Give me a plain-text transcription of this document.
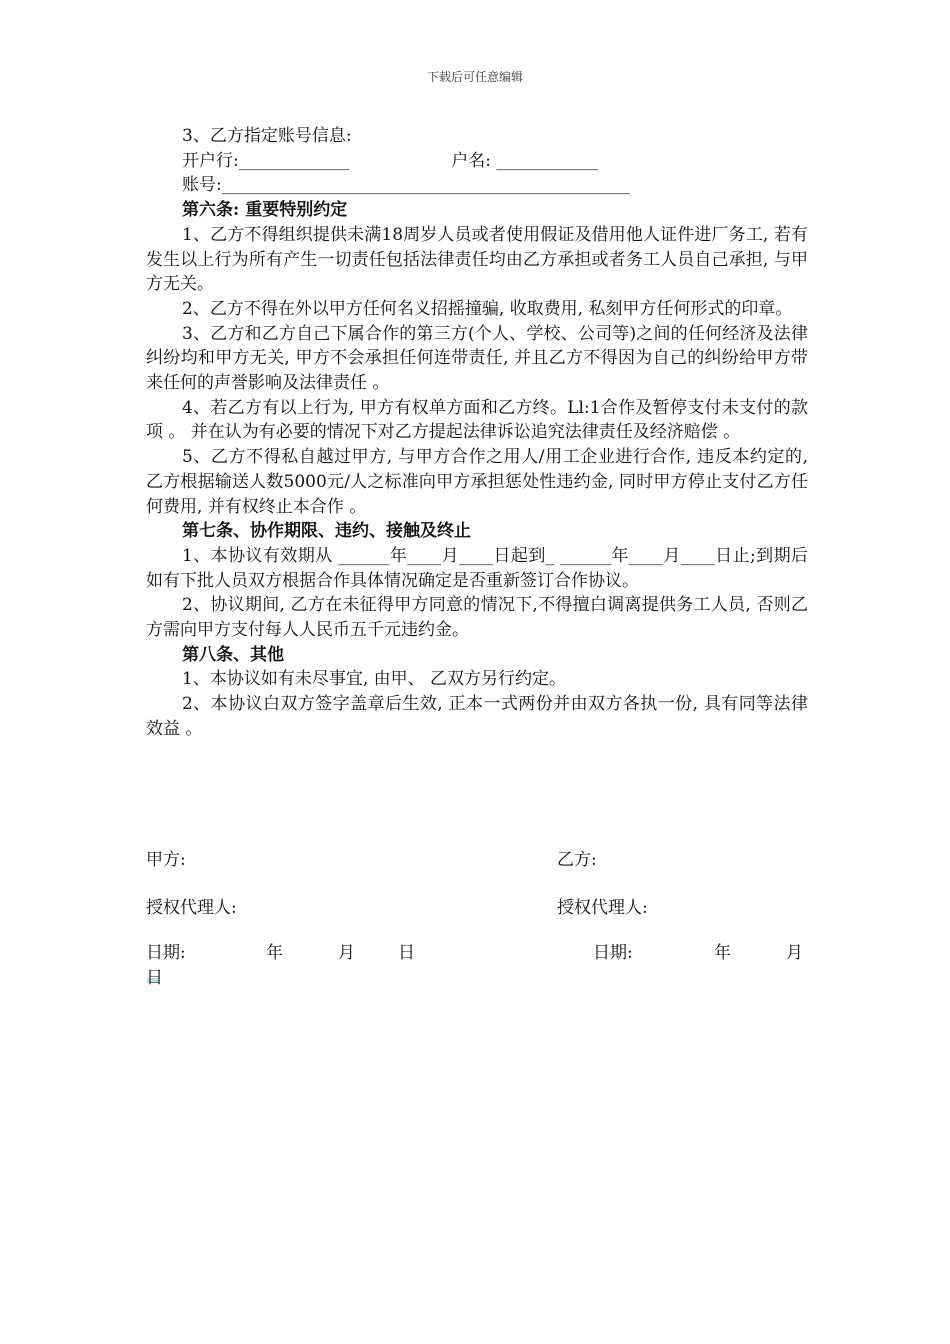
下载后可任意编辑
3、乙方指定账号信息:
开户行:_____________	户名: ____________
账号:________________________________________________
第六条: 重要特别约定
1、乙方不得组织提供未满18周岁人员或者使用假证及借用他人证件进厂务工, 若有发生以上行为所有产生一切责任包括法律责任均由乙方承担或者务工人员自己承担, 与甲方无关。
2、乙方不得在外以甲方任何名义招摇撞骗, 收取费用, 私刻甲方任何形式的印章。
3、乙方和乙方自己下属合作的第三方(个人、学校、公司等)之间的任何经济及法律纠纷均和甲方无关, 甲方不会承担任何连带责任, 并且乙方不得因为自己的纠纷给甲方带来任何的声誉影响及法律责任 。
4、若乙方有以上行为, 甲方有权单方面和乙方终。Ll:1合作及暂停支付未支付的款项 。 并在认为有必要的情况下对乙方提起法律诉讼追究法律责任及经济赔偿 。
5、乙方不得私自越过甲方, 与甲方合作之用人/用工企业进行合作, 违反本约定的, 乙方根据输送人数5000元/人之标准向甲方承担惩处性违约金, 同时甲方停止支付乙方任何费用, 并有权终止本合作 。
第七条、协作期限、违约、接触及终止
1、本协议有效期从 ______年____月____日起到_ ______年____月____日止;到期后如有下批人员双方根据合作具体情况确定是否重新签订合作协议。
2、协议期间, 乙方在未征得甲方同意的情况下,不得擅白调离提供务工人员, 否则乙方需向甲方支付每人人民币五千元违约金。
第八条、其他
1、本协议如有未尽事宜, 由甲、 乙双方另行约定。
2、本协议白双方签字盖章后生效, 正本一式两份并由双方各执一份, 具有同等法律效益 。
甲方:	乙方:
授权代理人:	授权代理人:
日期:	年	月	日	日期:	年	月
日
